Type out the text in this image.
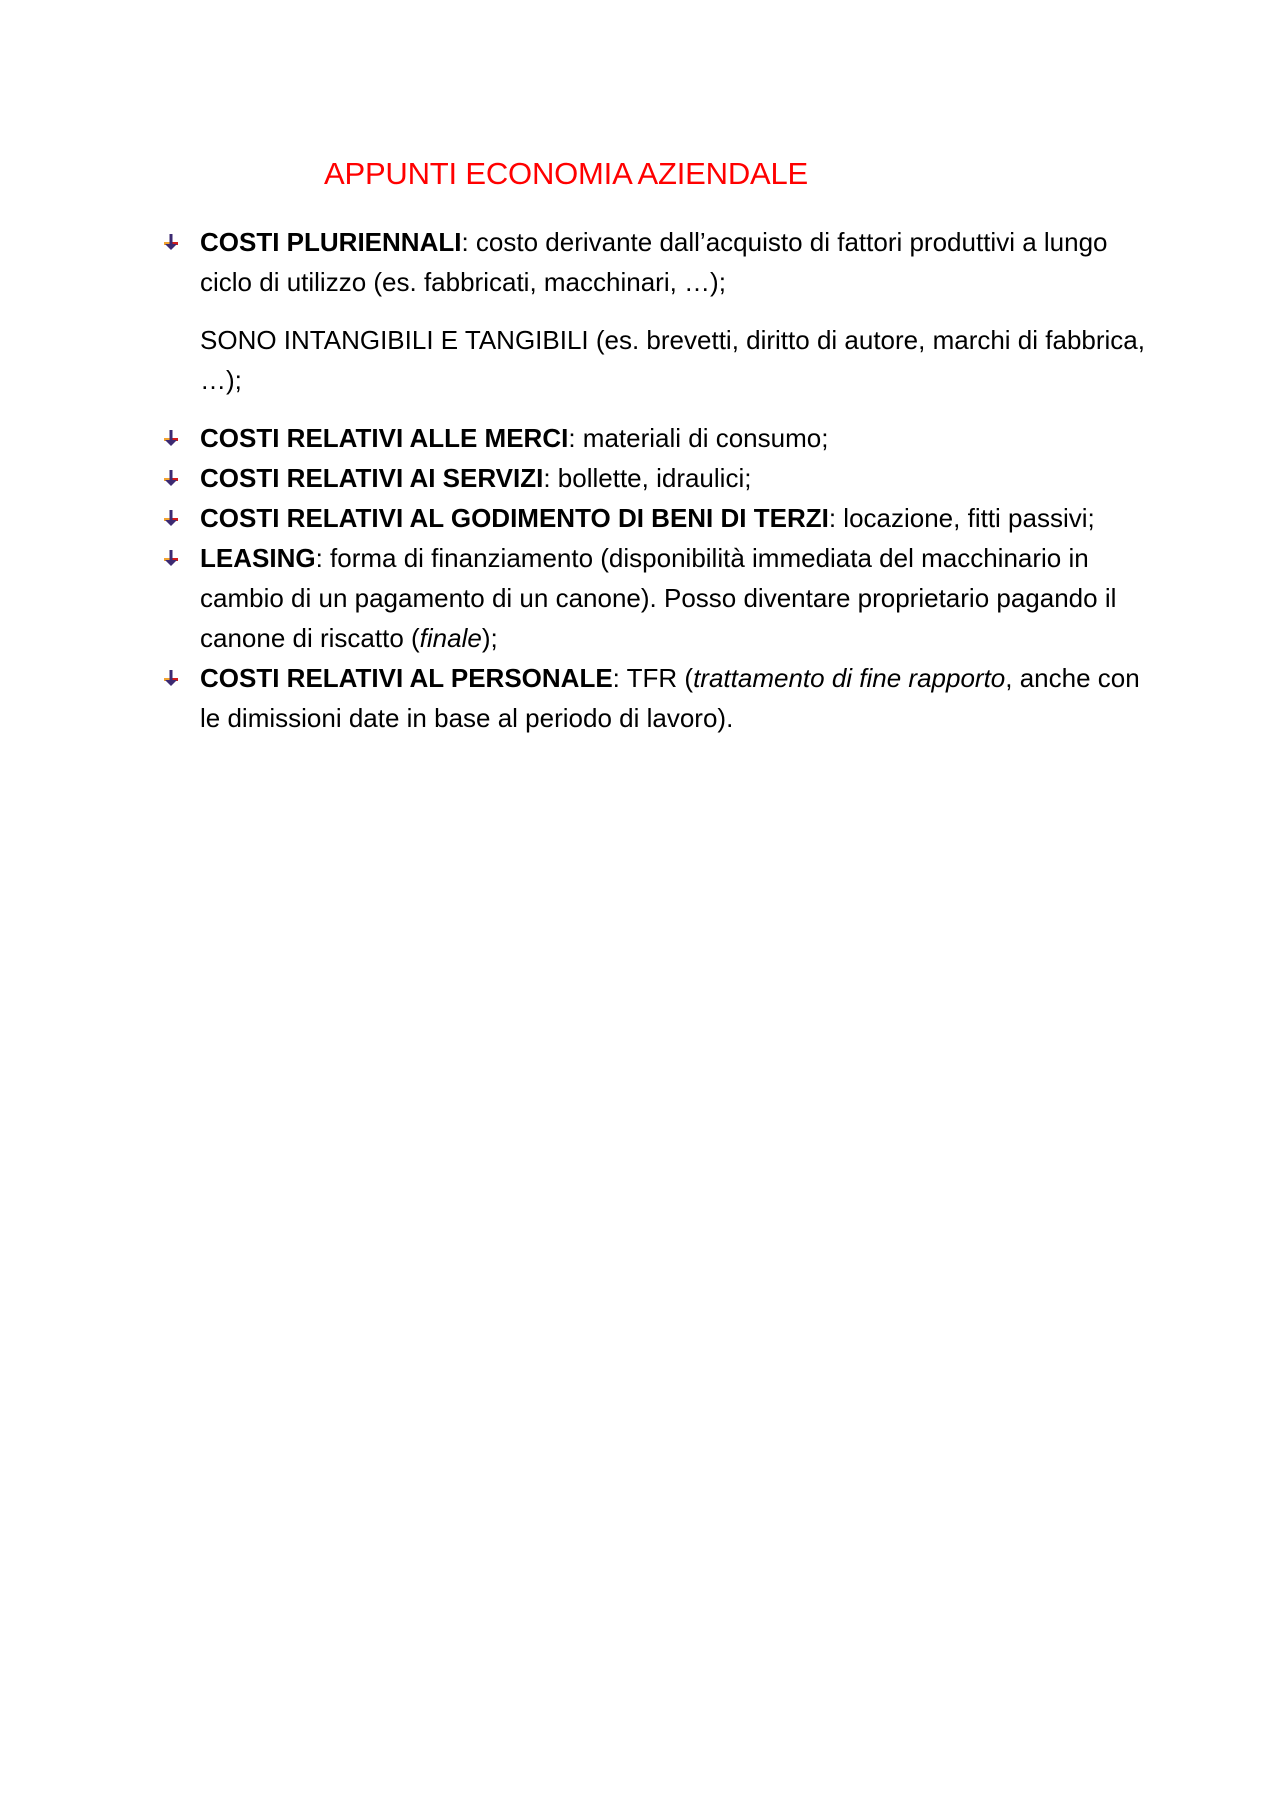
APPUNTI ECONOMIA AZIENDALE
COSTI PLURIENNALI: costo derivante dall’acquisto di fattori produttivi a lungo ciclo di utilizzo (es. fabbricati, macchinari, …);
SONO INTANGIBILI E TANGIBILI (es. brevetti, diritto di autore, marchi di fabbrica, …);
COSTI RELATIVI ALLE MERCI: materiali di consumo;
COSTI RELATIVI AI SERVIZI: bollette, idraulici;
COSTI RELATIVI AL GODIMENTO DI BENI DI TERZI: locazione, fitti passivi;
LEASING: forma di finanziamento (disponibilità immediata del macchinario in cambio di un pagamento di un canone). Posso diventare proprietario pagando il canone di riscatto (finale);
COSTI RELATIVI AL PERSONALE: TFR (trattamento di fine rapporto, anche con le dimissioni date in base al periodo di lavoro).
